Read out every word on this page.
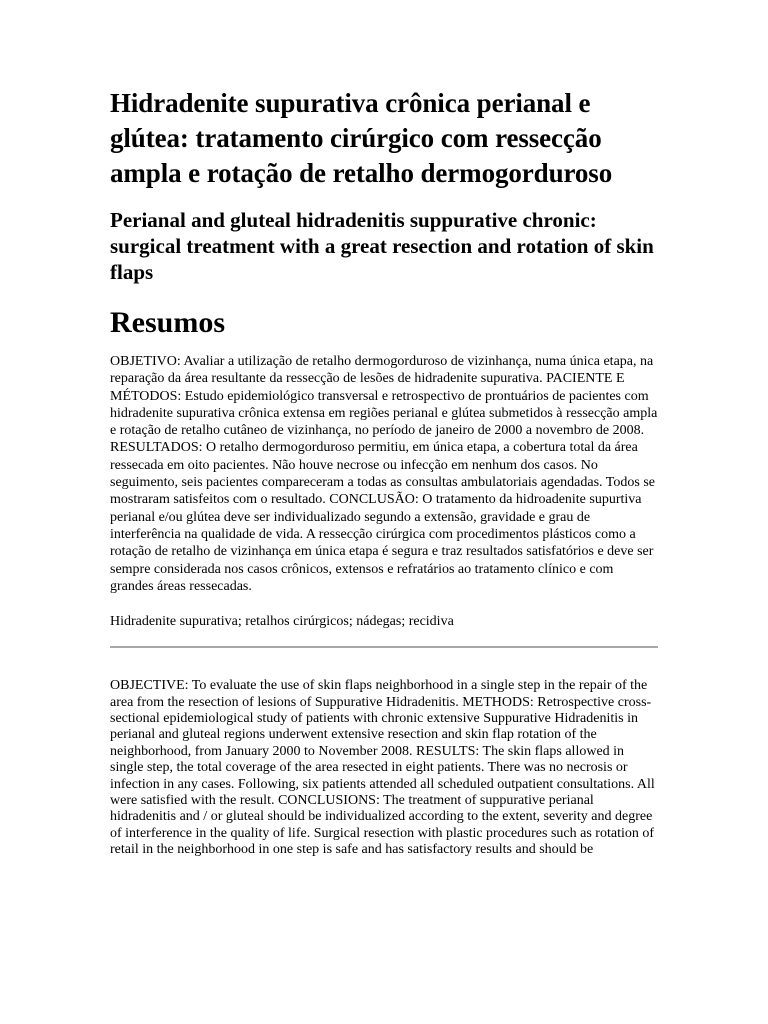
Hidradenite supurativa crônica perianal e glútea: tratamento cirúrgico com ressecção ampla e rotação de retalho dermogorduroso
Perianal and gluteal hidradenitis suppurative chronic: surgical treatment with a great resection and rotation of skin flaps
Resumos

OBJETIVO: Avaliar a utilização de retalho dermogorduroso de vizinhança, numa única etapa, na reparação da área resultante da ressecção de lesões de hidradenite supurativa. PACIENTE E MÉTODOS: Estudo epidemiológico transversal e retrospectivo de prontuários de pacientes com hidradenite supurativa crônica extensa em regiões perianal e glútea submetidos à ressecção ampla e rotação de retalho cutâneo de vizinhança, no período de janeiro de 2000 a novembro de 2008. RESULTADOS: O retalho dermogorduroso permitiu, em única etapa, a cobertura total da área ressecada em oito pacientes. Não houve necrose ou infecção em nenhum dos casos. No seguimento, seis pacientes compareceram a todas as consultas ambulatoriais agendadas. Todos se mostraram satisfeitos com o resultado. CONCLUSÃO: O tratamento da hidroadenite supurtiva perianal e/ou glútea deve ser individualizado segundo a extensão, gravidade e grau de interferência na qualidade de vida. A ressecção cirúrgica com procedimentos plásticos como a rotação de retalho de vizinhança em única etapa é segura e traz resultados satisfatórios e deve ser sempre considerada nos casos crônicos, extensos e refratários ao tratamento clínico e com grandes áreas ressecadas.

Hidradenite supurativa; retalhos cirúrgicos; nádegas; recidiva

OBJECTIVE: To evaluate the use of skin flaps neighborhood in a single step in the repair of the area from the resection of lesions of Suppurative Hidradenitis. METHODS: Retrospective cross-sectional epidemiological study of patients with chronic extensive Suppurative Hidradenitis in perianal and gluteal regions underwent extensive resection and skin flap rotation of the neighborhood, from January 2000 to November 2008. RESULTS: The skin flaps allowed in single step, the total coverage of the area resected in eight patients. There was no necrosis or infection in any cases. Following, six patients attended all scheduled outpatient consultations. All were satisfied with the result. CONCLUSIONS: The treatment of suppurative perianal hidradenitis and / or gluteal should be individualized according to the extent, severity and degree of interference in the quality of life. Surgical resection with plastic procedures such as rotation of retail in the neighborhood in one step is safe and has satisfactory results and should be
